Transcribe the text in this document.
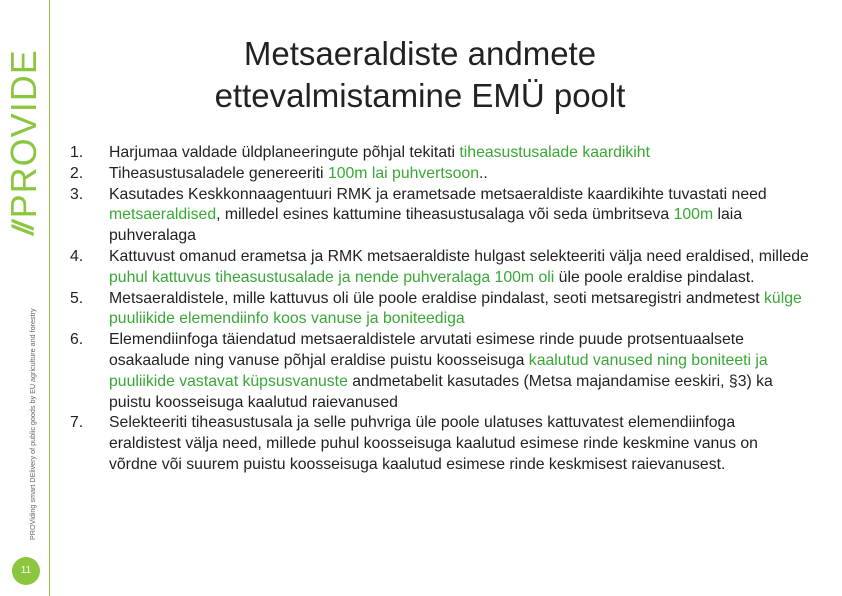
//
PROVIDE
PROViding smart DElivery of public goods by EU agriculture and forestry
11
Metsaeraldiste andmete ettevalmistamine EMÜ poolt
1.	Harjumaa valdade üldplaneeringute põhjal tekitati tiheasustusalade kaardikiht
2.	Tiheasustusaladele genereeriti 100m lai puhvertsoon..
3.	Kasutades Keskkonnaagentuuri RMK ja erametsade metsaeraldiste kaardikihte tuvastati need metsaeraldised, milledel esines kattumine tiheasustusalaga või seda ümbritseva 100m laia puhveralaga
4.	Kattuvust omanud erametsa ja RMK metsaeraldiste hulgast selekteeriti välja need eraldised, millede puhul kattuvus tiheasustusalade ja nende puhveralaga 100m oli üle poole eraldise pindalast.
5.	Metsaeraldistele, mille kattuvus oli üle poole eraldise pindalast, seoti metsaregistri andmetest külge puuliikide elemendiinfo koos vanuse ja boniteediga
6.	Elemendiinfoga täiendatud metsaeraldistele arvutati esimese rinde puude protsentuaalsete osakaalude ning vanuse põhjal eraldise puistu koosseisuga kaalutud vanused ning boniteeti ja puuliikide vastavat küpsusvanuste andmetabelit kasutades (Metsa majandamise eeskiri, §3) ka puistu koosseisuga kaalutud raievanused
7.	Selekteeriti tiheasustusala ja selle puhvriga üle poole ulatuses kattuvatest elemendiinfoga eraldistest välja need, millede puhul koosseisuga kaalutud esimese rinde keskmine vanus on võrdne või suurem puistu koosseisuga kaalutud esimese rinde keskmisest raievanusest.
